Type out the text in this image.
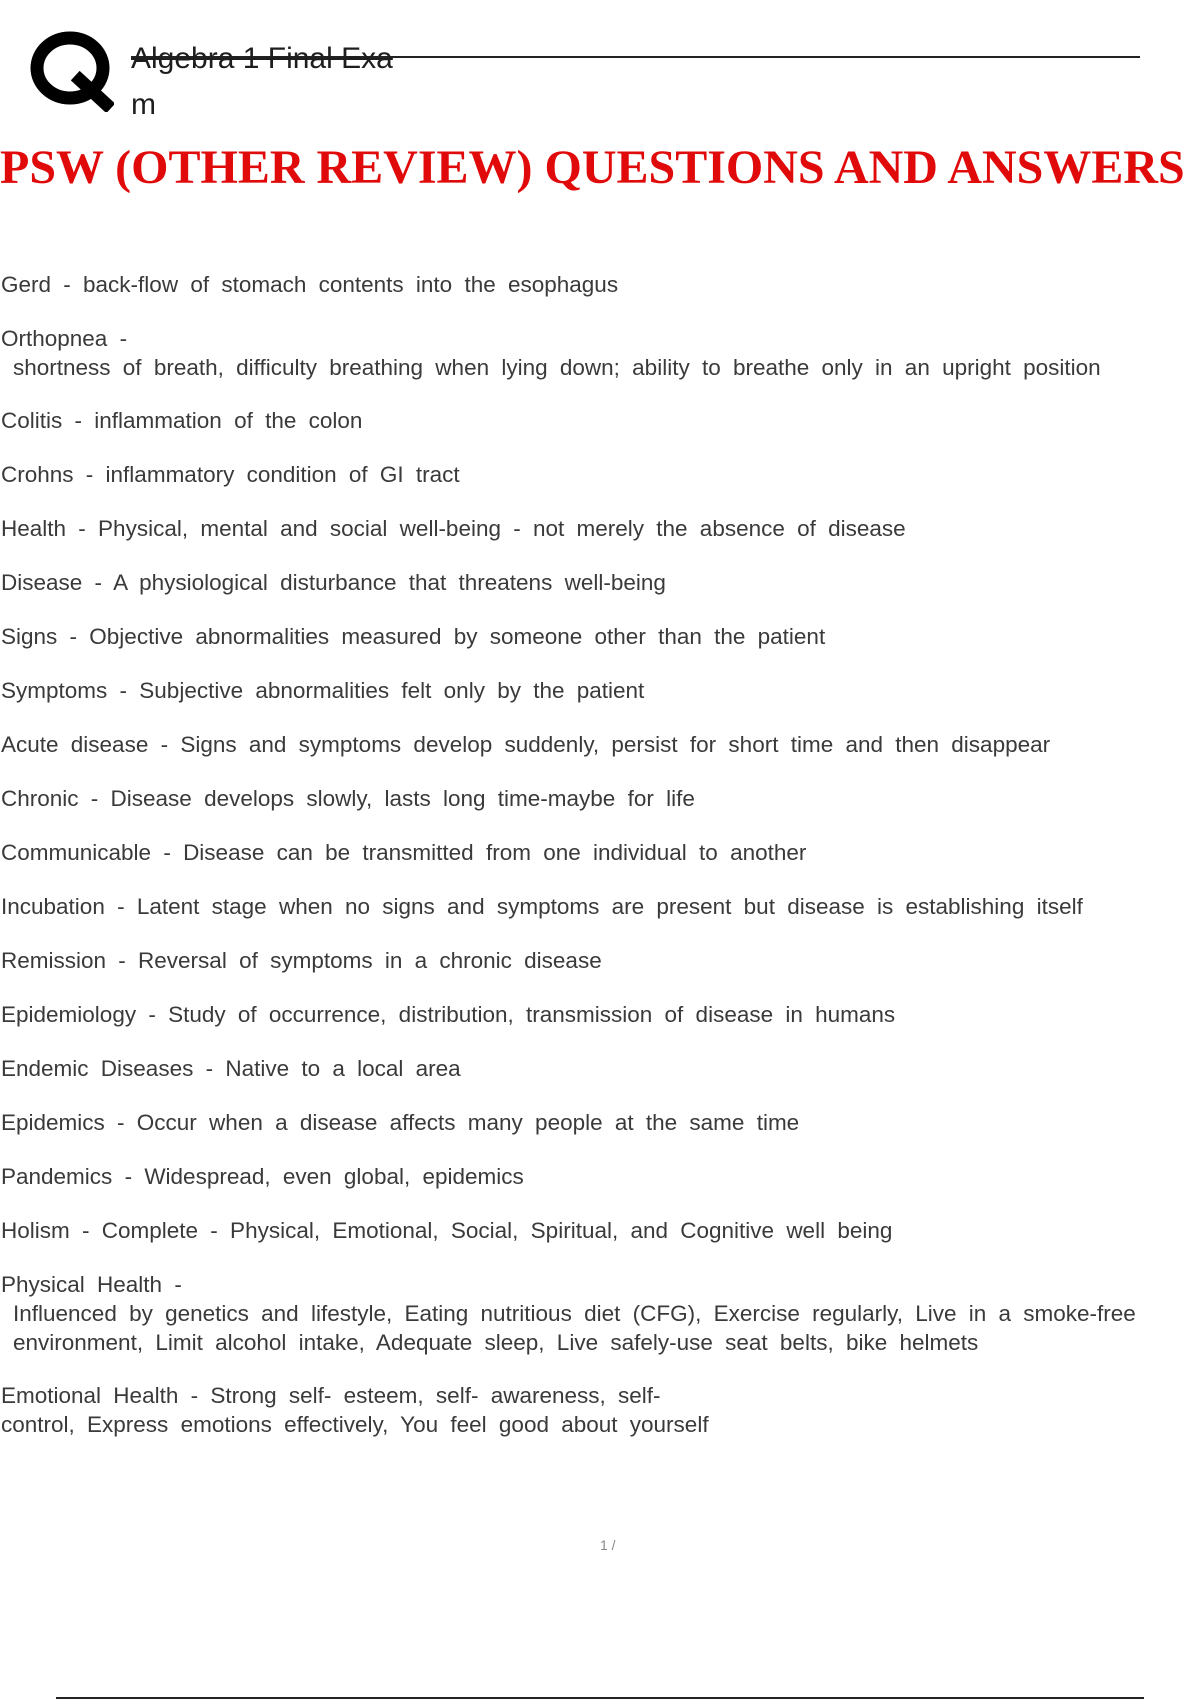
Algebra 1 Final Exa
m
PSW (OTHER REVIEW) QUESTIONS AND ANSWERS

Gerd - back-flow of stomach contents into the esophagus

Orthopnea -
shortness of breath, difficulty breathing when lying down; ability to breathe only in an upright position

Colitis - inflammation of the colon

Crohns - inflammatory condition of GI tract

Health - Physical, mental and social well-being - not merely the absence of disease

Disease - A physiological disturbance that threatens well-being

Signs - Objective abnormalities measured by someone other than the patient

Symptoms - Subjective abnormalities felt only by the patient

Acute disease - Signs and symptoms develop suddenly, persist for short time and then disappear

Chronic - Disease develops slowly, lasts long time-maybe for life

Communicable - Disease can be transmitted from one individual to another

Incubation - Latent stage when no signs and symptoms are present but disease is establishing itself

Remission - Reversal of symptoms in a chronic disease

Epidemiology - Study of occurrence, distribution, transmission of disease in humans

Endemic Diseases - Native to a local area

Epidemics - Occur when a disease affects many people at the same time

Pandemics - Widespread, even global, epidemics

Holism - Complete - Physical, Emotional, Social, Spiritual, and Cognitive well being

Physical Health -
Influenced by genetics and lifestyle, Eating nutritious diet (CFG), Exercise regularly, Live in a smoke-free environment, Limit alcohol intake, Adequate sleep, Live safely-use seat belts, bike helmets

Emotional Health - Strong self- esteem, self- awareness, self-control, Express emotions effectively, You feel good about yourself

1 /
